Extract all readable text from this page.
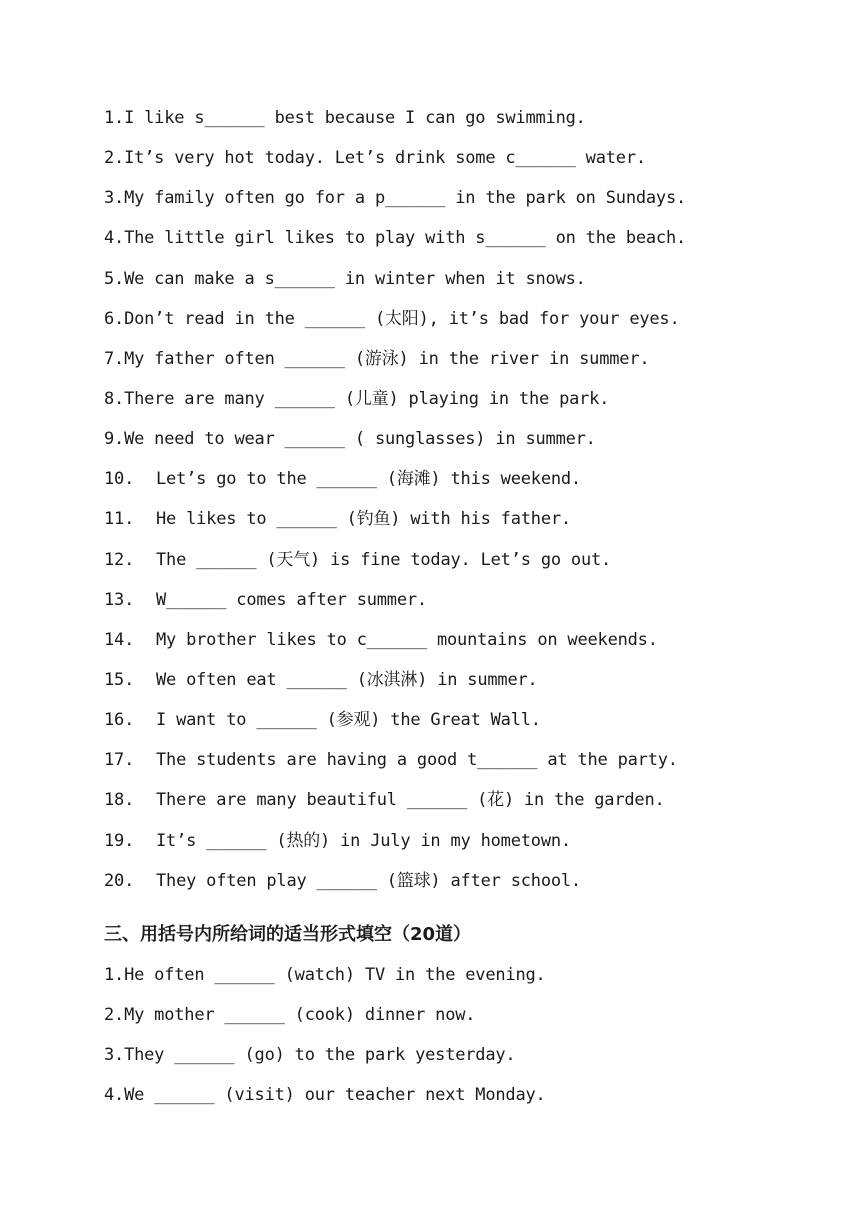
1.I like s______ best because I can go swimming.
2.It’s very hot today. Let’s drink some c______ water.
3.My family often go for a p______ in the park on Sundays.
4.The little girl likes to play with s______ on the beach.
5.We can make a s______ in winter when it snows.
6.Don’t read in the ______ (太阳), it’s bad for your eyes.
7.My father often ______ (游泳) in the river in summer.
8.There are many ______ (儿童) playing in the park.
9.We need to wear ______ ( sunglasses) in summer.
10. Let’s go to the ______ (海滩) this weekend.
11. He likes to ______ (钓鱼) with his father.
12. The ______ (天气) is fine today. Let’s go out.
13. W______ comes after summer.
14. My brother likes to c______ mountains on weekends.
15. We often eat ______ (冰淇淋) in summer.
16. I want to ______ (参观) the Great Wall.
17. The students are having a good t______ at the party.
18. There are many beautiful ______ (花) in the garden.
19. It’s ______ (热的) in July in my hometown.
20. They often play ______ (篮球) after school.
三、用括号内所给词的适当形式填空（20道）
1.He often ______ (watch) TV in the evening.
2.My mother ______ (cook) dinner now.
3.They ______ (go) to the park yesterday.
4.We ______ (visit) our teacher next Monday.
